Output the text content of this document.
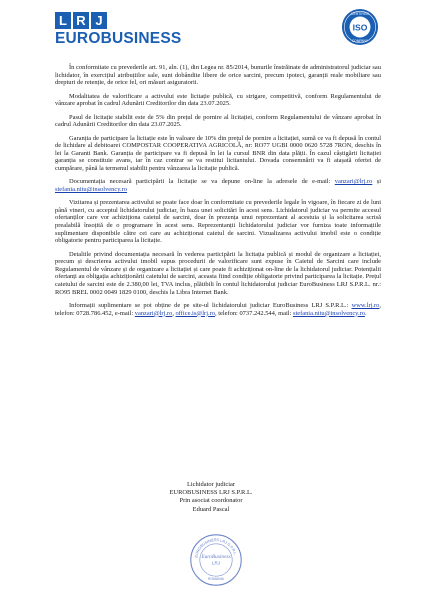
L R J
EUROBUSINESS
ISO
CERTIFIED
COMPANY

În conformitate cu prevederile art. 91, aln. (1), din Legea nr. 85/2014, bunurile înstrăinate de administratorul judiciar sau lichidator, în exercițiul atribuțiilor sale, sunt dobândite libere de orice sarcini, precum ipoteci, garanții reale mobiliare sau drepturi de retenție, de orice fel, ori măsuri asiguratorii.

Modalitatea de valorificare a activului este licitație publică, cu strigare, competitivă, conform Regulamentului de vânzare aprobat în cadrul Adunării Creditorilor din data 23.07.2025.

Pasul de licitație stabilit este de 5% din prețul de pornire al licitației, conform Regulamentului de vânzare aprobat în cadrul Adunării Creditorilor din data 23.07.2025.

Garanția de participare la licitație este în valoare de 10% din prețul de pornire a licitației, sumă ce va fi depusă în contul de lichidare al debitoarei COMPOSTAR COOPERATIVA AGRICOLĂ, nr: RO77 UGBI 0000 0620 5728 7RON, deschis în lei la Garanti Bank. Garanția de participare va fi depusă în lei la cursul BNR din data plății. În cazul câștigării licitației garanția se constituie avans, iar în caz contrar se va restitui licitantului. Dovada consemnării va fi atașată ofertei de cumpărare, până la termenul stabilit pentru vânzarea la licitație publică.

Documentația necesară participării la licitație se va depune on-line la adresele de e-mail: vanzari@lrj.ro și stefania.nitu@insolvency.ro

Vizitarea și prezentarea activului se poate face doar în conformitate cu prevederile legale în vigoare, în fiecare zi de luni până vineri, cu acceptul lichidatorului judiciar, în baza unei solicitări în acest sens. Lichidatorul judiciar va permite accesul ofertanților care vor achiziționa caietul de sarcini, doar în prezența unui reprezentant al acestuia și la solicitarea scrisă prealabilă însoțită de o programare în acest sens. Reprezentanții lichidatorului judiciar vor furniza toate informațiile suplimentare disponibile către cei care au achiziționat caietul de sarcini. Vizualizarea activului imobil este o condiție obligatorie pentru participarea la licitație.

Detaliile privind documentația necesară în vederea participării la licitația publică și modul de organizare a licitației, precum și descrierea activului imobil supus procedurii de valorificare sunt expuse în Caietul de Sarcini care include Regulamentul de vânzare și de organizare a licitației și care poate fi achiziționat on-line de la lichidatorul judiciar. Potențialii ofertanți au obligația achiziționării caietului de sarcini, aceasta fiind condiție obligatorie privind participarea la licitație. Prețul caietului de sarcini este de 2.380,00 lei, TVA inclus, plătibili în contul lichidatorului judiciar EuroBusiness LRJ S.P.R.L. nr.: RO95 BREL 0002 0049 1829 0100, deschis la Libra Internet Bank.

Informații suplimentare se pot obține de pe site-ul lichidatorului judiciar EuroBusiness LRJ S.P.R.L.: www.lrj.ro, telefon: 0728.786.452, e-mail: vanzari@lrj.ro, office.is@lrj.ro, telefon: 0737.242.544, mail: stefania.nitu@insolvency.ro.

Lichidator judiciar
EUROBUSINESS LRJ S.P.R.L.
Prin asociat coordonator
Eduard Pascal
EUROBUSINESS LRJ S.P.R.L.
EuroBusiness
LRJ
ROMANIA
